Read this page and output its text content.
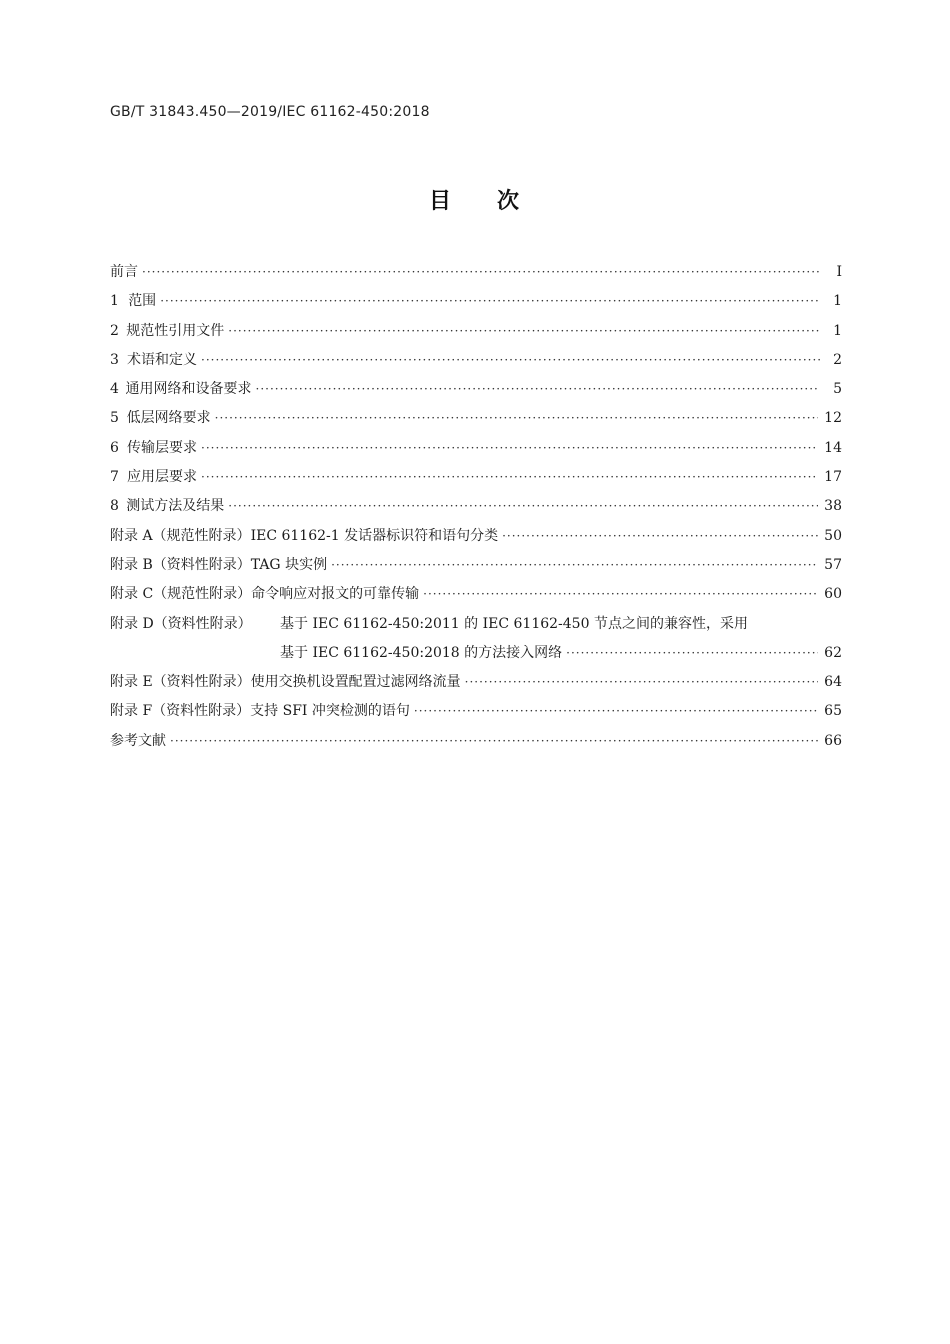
GB/T 31843.450—2019/IEC 61162-450:2018
目 次
前言 ·····	I
1 范围 ·····	1
2 规范性引用文件 ·····	1
3 术语和定义 ·····	2
4 通用网络和设备要求 ·····	5
5 低层网络要求 ·····	12
6 传输层要求 ·····	14
7 应用层要求 ·····	17
8 测试方法及结果 ·····	38
附录 A（规范性附录） IEC 61162-1 发话器标识符和语句分类 ·····	50
附录 B（资料性附录） TAG 块实例 ·····	57
附录 C（规范性附录） 命令响应对报文的可靠传输 ·····	60
附录 D（资料性附录）	基于 IEC 61162-450:2011 的 IEC 61162-450 节点之间的兼容性，采用
基于 IEC 61162-450:2018 的方法接入网络 ·····	62
附录 E（资料性附录） 使用交换机设置配置过滤网络流量 ·····	64
附录 F（资料性附录） 支持 SFI 冲突检测的语句 ·····	65
参考文献 ·····	66
